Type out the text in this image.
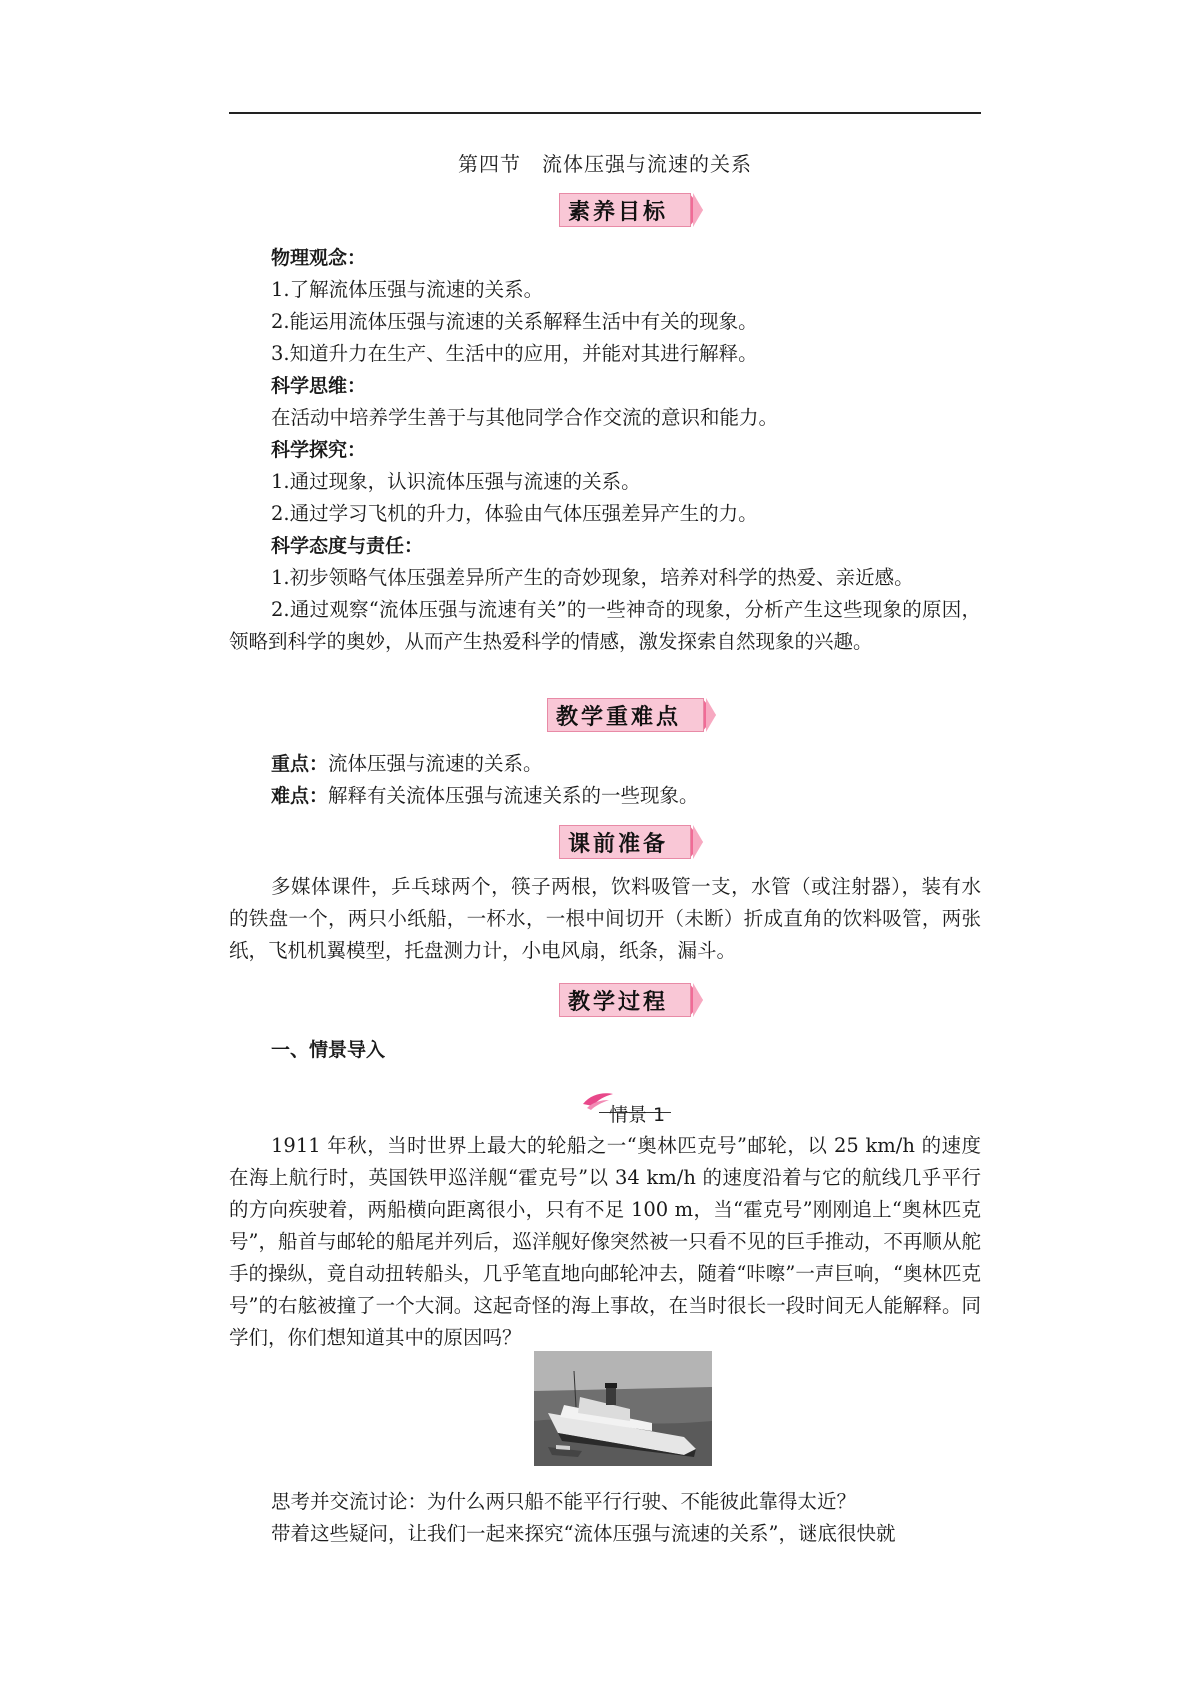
第四节　流体压强与流速的关系
素养目标
物理观念：
1.了解流体压强与流速的关系。
2.能运用流体压强与流速的关系解释生活中有关的现象。
3.知道升力在生产、生活中的应用，并能对其进行解释。
科学思维：
在活动中培养学生善于与其他同学合作交流的意识和能力。
科学探究：
1.通过现象，认识流体压强与流速的关系。
2.通过学习飞机的升力，体验由气体压强差异产生的力。
科学态度与责任：
1.初步领略气体压强差异所产生的奇妙现象，培养对科学的热爱、亲近感。
2.通过观察“流体压强与流速有关”的一些神奇的现象，分析产生这些现象的原因，领略到科学的奥妙，从而产生热爱科学的情感，激发探索自然现象的兴趣。
教学重难点
重点：流体压强与流速的关系。
难点：解释有关流体压强与流速关系的一些现象。
课前准备
多媒体课件，乒乓球两个，筷子两根，饮料吸管一支，水管（或注射器），装有水的铁盘一个，两只小纸船，一杯水，一根中间切开（未断）折成直角的饮料吸管，两张纸，飞机机翼模型，托盘测力计，小电风扇，纸条，漏斗。
教学过程
一、情景导入
情景 1
1911 年秋，当时世界上最大的轮船之一“奥林匹克号”邮轮，以 25 km/h 的速度在海上航行时，英国铁甲巡洋舰“霍克号”以 34 km/h 的速度沿着与它的航线几乎平行的方向疾驶着，两船横向距离很小，只有不足 100 m，当“霍克号”刚刚追上“奥林匹克号”，船首与邮轮的船尾并列后，巡洋舰好像突然被一只看不见的巨手推动，不再顺从舵手的操纵，竟自动扭转船头，几乎笔直地向邮轮冲去，随着“咔嚓”一声巨响，“奥林匹克号”的右舷被撞了一个大洞。这起奇怪的海上事故，在当时很长一段时间无人能解释。同学们，你们想知道其中的原因吗？
思考并交流讨论：为什么两只船不能平行行驶、不能彼此靠得太近？
带着这些疑问，让我们一起来探究“流体压强与流速的关系”，谜底很快就
